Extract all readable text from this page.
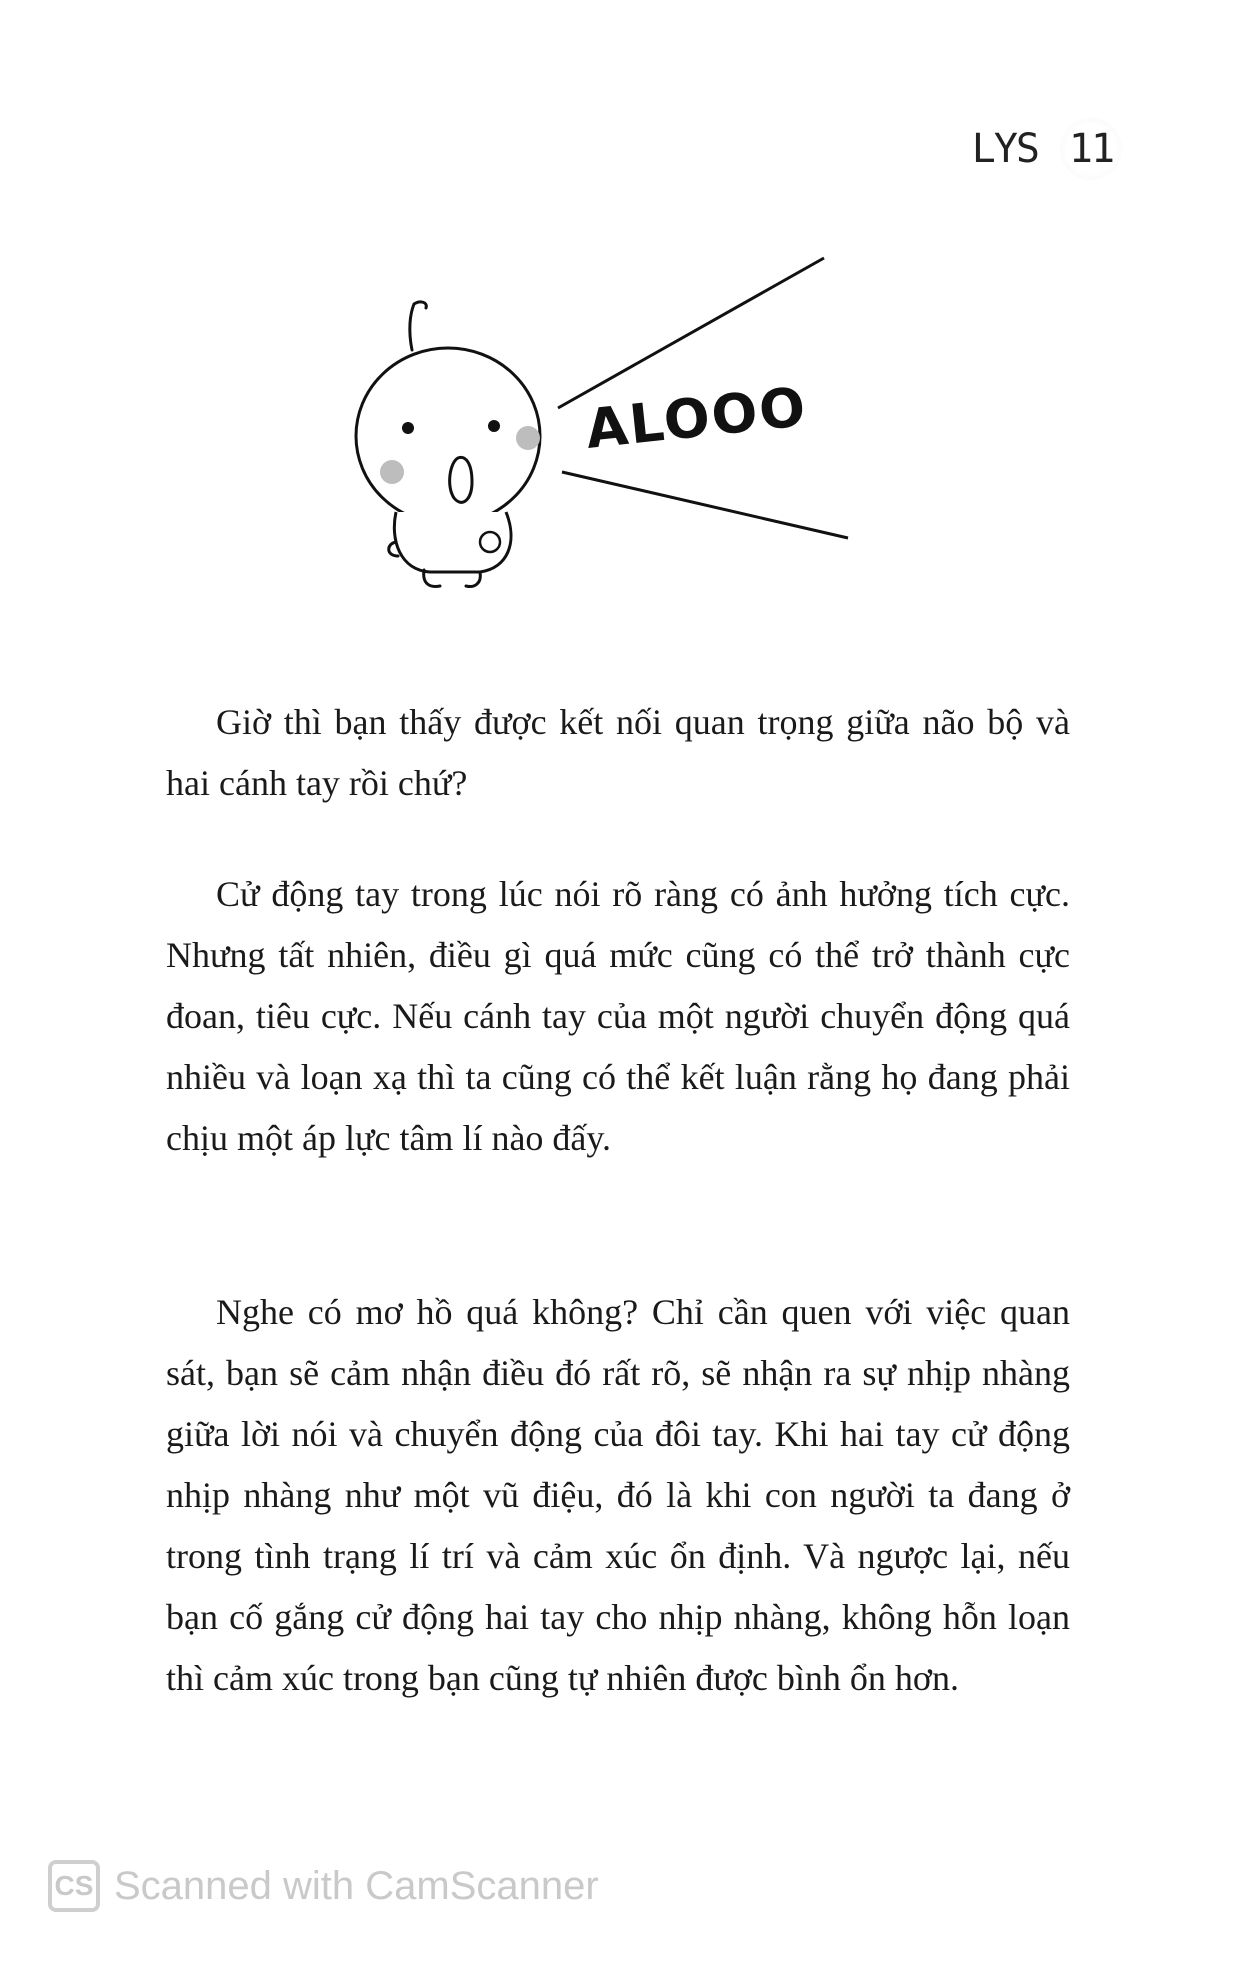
LYS 11
ALOOO

Giờ thì bạn thấy được kết nối quan trọng giữa não bộ và hai cánh tay rồi chứ?

Cử động tay trong lúc nói rõ ràng có ảnh hưởng tích cực. Nhưng tất nhiên, điều gì quá mức cũng có thể trở thành cực đoan, tiêu cực. Nếu cánh tay của một người chuyển động quá nhiều và loạn xạ thì ta cũng có thể kết luận rằng họ đang phải chịu một áp lực tâm lí nào đấy.

Nghe có mơ hồ quá không? Chỉ cần quen với việc quan sát, bạn sẽ cảm nhận điều đó rất rõ, sẽ nhận ra sự nhịp nhàng giữa lời nói và chuyển động của đôi tay. Khi hai tay cử động nhịp nhàng như một vũ điệu, đó là khi con người ta đang ở trong tình trạng lí trí và cảm xúc ổn định. Và ngược lại, nếu bạn cố gắng cử động hai tay cho nhịp nhàng, không hỗn loạn thì cảm xúc trong bạn cũng tự nhiên được bình ổn hơn.

CS Scanned with CamScanner
